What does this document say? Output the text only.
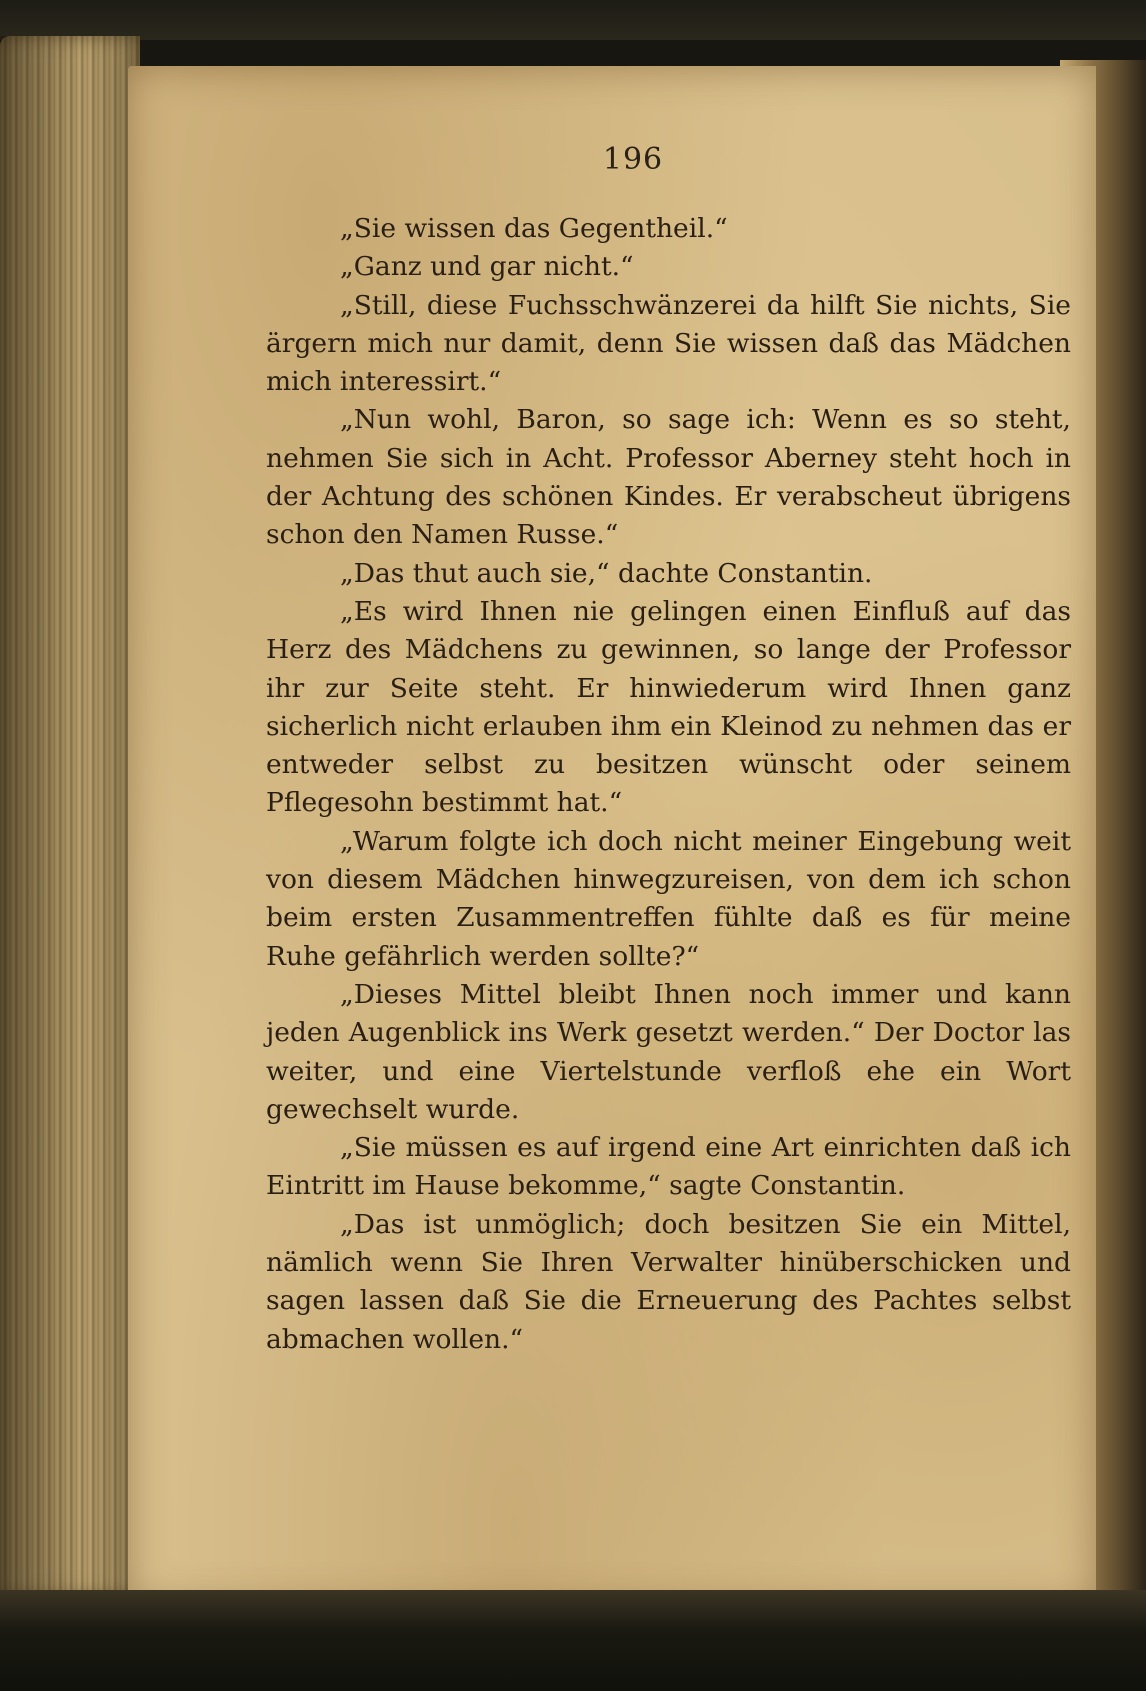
196

„Sie wissen das Gegentheil.“

„Ganz und gar nicht.“

„Still, diese Fuchsschwänzerei da hilft Sie nichts, Sie ärgern mich nur damit, denn Sie wissen daß das Mädchen mich interessirt.“

„Nun wohl, Baron, so sage ich: Wenn es so steht, nehmen Sie sich in Acht. Professor Aberney steht hoch in der Achtung des schönen Kindes. Er verabscheut übrigens schon den Namen Russe.“

„Das thut auch sie,“ dachte Constantin.

„Es wird Ihnen nie gelingen einen Einfluß auf das Herz des Mädchens zu gewinnen, so lange der Professor ihr zur Seite steht. Er hinwiederum wird Ihnen ganz sicherlich nicht erlauben ihm ein Kleinod zu nehmen das er entweder selbst zu besitzen wünscht oder seinem Pflegesohn bestimmt hat.“

„Warum folgte ich doch nicht meiner Eingebung weit von diesem Mädchen hinwegzureisen, von dem ich schon beim ersten Zusammentreffen fühlte daß es für meine Ruhe gefährlich werden sollte?“

„Dieses Mittel bleibt Ihnen noch immer und kann jeden Augenblick ins Werk gesetzt werden.“ Der Doctor las weiter, und eine Viertelstunde verfloß ehe ein Wort gewechselt wurde.

„Sie müssen es auf irgend eine Art einrichten daß ich Eintritt im Hause bekomme,“ sagte Constantin.

„Das ist unmöglich; doch besitzen Sie ein Mittel, nämlich wenn Sie Ihren Verwalter hinüberschicken und sagen lassen daß Sie die Erneuerung des Pachtes selbst abmachen wollen.“
